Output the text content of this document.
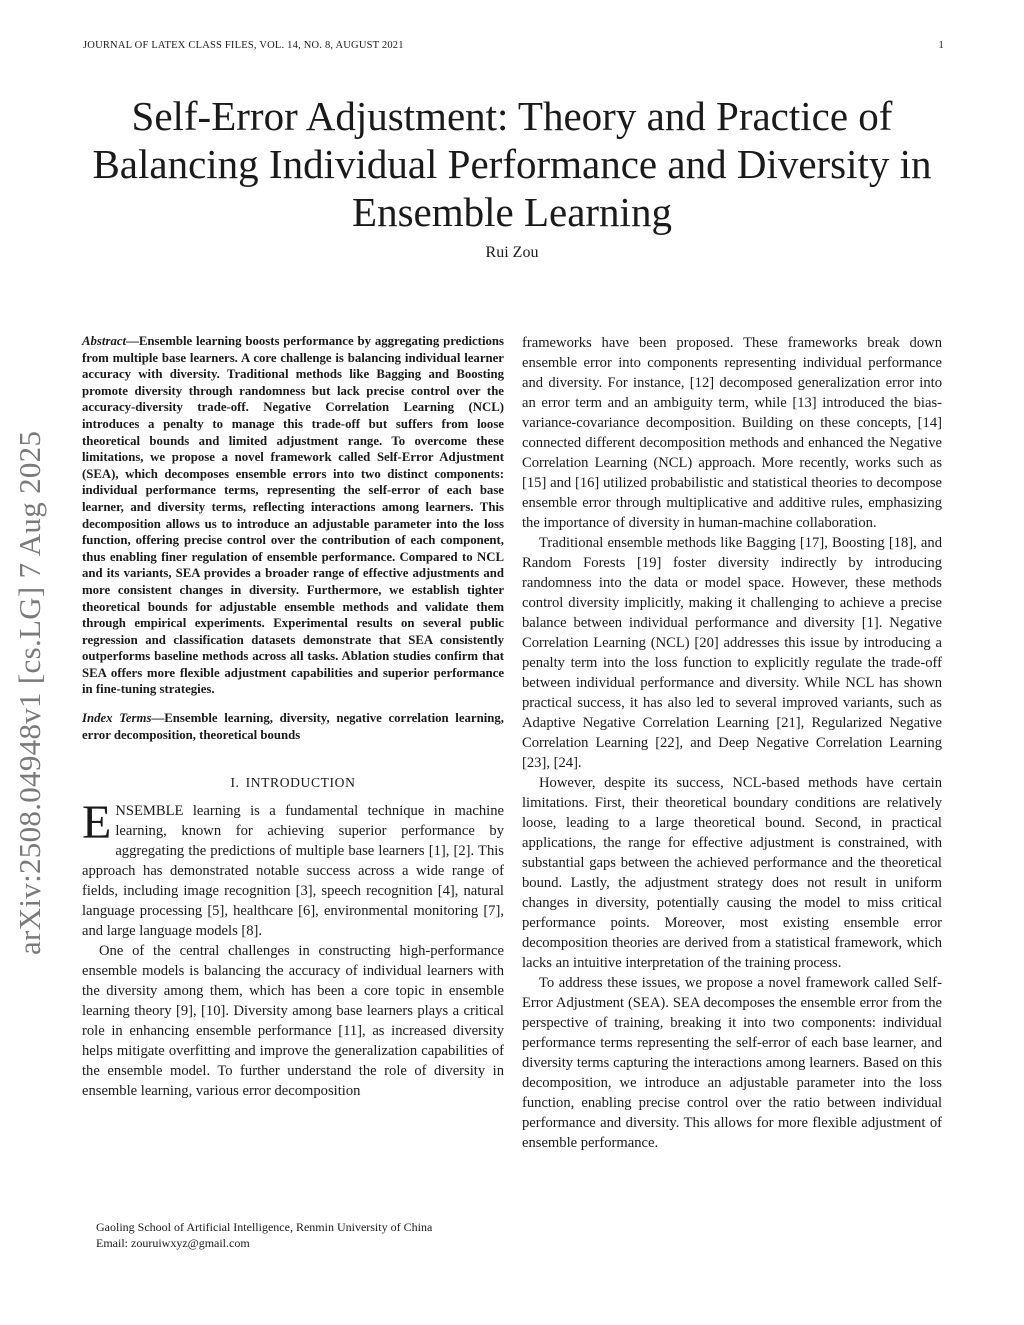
JOURNAL OF LATEX CLASS FILES, VOL. 14, NO. 8, AUGUST 2021	1
Self-Error Adjustment: Theory and Practice of Balancing Individual Performance and Diversity in Ensemble Learning
Rui Zou
arXiv:2508.04948v1 [cs.LG] 7 Aug 2025

Abstract—Ensemble learning boosts performance by aggregating predictions from multiple base learners. A core challenge is balancing individual learner accuracy with diversity. Traditional methods like Bagging and Boosting promote diversity through randomness but lack precise control over the accuracy-diversity trade-off. Negative Correlation Learning (NCL) introduces a penalty to manage this trade-off but suffers from loose theoretical bounds and limited adjustment range. To overcome these limitations, we propose a novel framework called Self-Error Adjustment (SEA), which decomposes ensemble errors into two distinct components: individual performance terms, representing the self-error of each base learner, and diversity terms, reflecting interactions among learners. This decomposition allows us to introduce an adjustable parameter into the loss function, offering precise control over the contribution of each component, thus enabling finer regulation of ensemble performance. Compared to NCL and its variants, SEA provides a broader range of effective adjustments and more consistent changes in diversity. Furthermore, we establish tighter theoretical bounds for adjustable ensemble methods and validate them through empirical experiments. Experimental results on several public regression and classification datasets demonstrate that SEA consistently outperforms baseline methods across all tasks. Ablation studies confirm that SEA offers more flexible adjustment capabilities and superior performance in fine-tuning strategies.

Index Terms—Ensemble learning, diversity, negative correlation learning, error decomposition, theoretical bounds

I. INTRODUCTION

ENSEMBLE learning is a fundamental technique in machine learning, known for achieving superior performance by aggregating the predictions of multiple base learners [1], [2]. This approach has demonstrated notable success across a wide range of fields, including image recognition [3], speech recognition [4], natural language processing [5], healthcare [6], environmental monitoring [7], and large language models [8].

One of the central challenges in constructing high-performance ensemble models is balancing the accuracy of individual learners with the diversity among them, which has been a core topic in ensemble learning theory [9], [10]. Diversity among base learners plays a critical role in enhancing ensemble performance [11], as increased diversity helps mitigate overfitting and improve the generalization capabilities of the ensemble model. To further understand the role of diversity in ensemble learning, various error decomposition

frameworks have been proposed. These frameworks break down ensemble error into components representing individual performance and diversity. For instance, [12] decomposed generalization error into an error term and an ambiguity term, while [13] introduced the bias-variance-covariance decomposition. Building on these concepts, [14] connected different decomposition methods and enhanced the Negative Correlation Learning (NCL) approach. More recently, works such as [15] and [16] utilized probabilistic and statistical theories to decompose ensemble error through multiplicative and additive rules, emphasizing the importance of diversity in human-machine collaboration.

Traditional ensemble methods like Bagging [17], Boosting [18], and Random Forests [19] foster diversity indirectly by introducing randomness into the data or model space. However, these methods control diversity implicitly, making it challenging to achieve a precise balance between individual performance and diversity [1]. Negative Correlation Learning (NCL) [20] addresses this issue by introducing a penalty term into the loss function to explicitly regulate the trade-off between individual performance and diversity. While NCL has shown practical success, it has also led to several improved variants, such as Adaptive Negative Correlation Learning [21], Regularized Negative Correlation Learning [22], and Deep Negative Correlation Learning [23], [24].

However, despite its success, NCL-based methods have certain limitations. First, their theoretical boundary conditions are relatively loose, leading to a large theoretical bound. Second, in practical applications, the range for effective adjustment is constrained, with substantial gaps between the achieved performance and the theoretical bound. Lastly, the adjustment strategy does not result in uniform changes in diversity, potentially causing the model to miss critical performance points. Moreover, most existing ensemble error decomposition theories are derived from a statistical framework, which lacks an intuitive interpretation of the training process.

To address these issues, we propose a novel framework called Self-Error Adjustment (SEA). SEA decomposes the ensemble error from the perspective of training, breaking it into two components: individual performance terms representing the self-error of each base learner, and diversity terms capturing the interactions among learners. Based on this decomposition, we introduce an adjustable parameter into the loss function, enabling precise control over the ratio between individual performance and diversity. This allows for more flexible adjustment of ensemble performance.

Gaoling School of Artificial Intelligence, Renmin University of China
Email: zouruiwxyz@gmail.com
